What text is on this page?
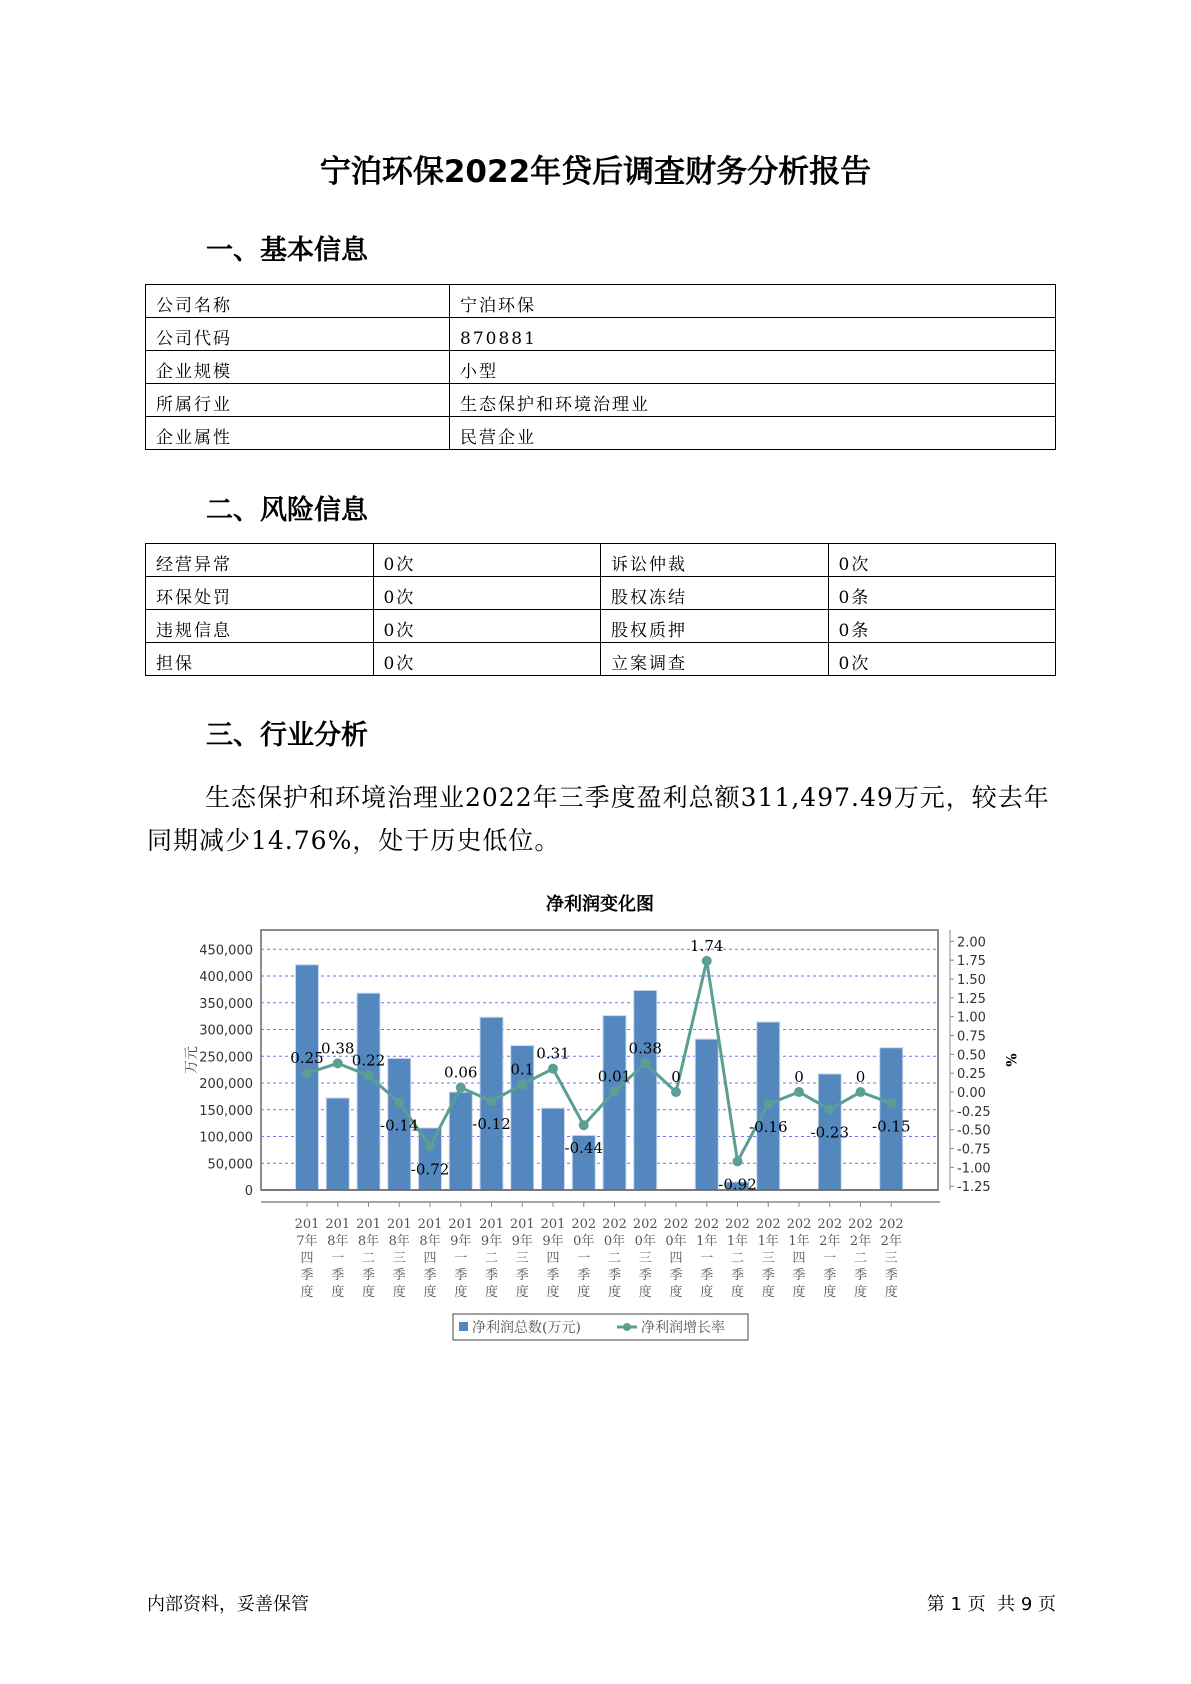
宁泊环保2022年贷后调查财务分析报告
一、基本信息
公司名称	宁泊环保
公司代码	870881
企业规模	小型
所属行业	生态保护和环境治理业
企业属性	民营企业
二、风险信息
经营异常	0次	诉讼仲裁	0次
环保处罚	0次	股权冻结	0条
违规信息	0次	股权质押	0条
担保	0次	立案调查	0次
三、行业分析
生态保护和环境治理业2022年三季度盈利总额311,497.49万元，较去年同期减少14.76%，处于历史低位。
净利润变化图
0
50,000
100,000
150,000
200,000
250,000
300,000
350,000
400,000
450,000
-1.25
-1.00
-0.75
-0.50
-0.25
0.00
0.25
0.50
0.75
1.00
1.25
1.50
1.75
2.00
万元	%
0.25
0.38
0.22
-0.14
-0.72
0.06
-0.12
0.1
0.31
-0.44
0.01
0.38
0
1.74
-0.92
-0.16
0
-0.23
0
-0.15
201
7年
四
季
度
201
8年
一
季
度
201
8年
二
季
度
201
8年
三
季
度
201
8年
四
季
度
201
9年
一
季
度
201
9年
二
季
度
201
9年
三
季
度
201
9年
四
季
度
202
0年
一
季
度
202
0年
二
季
度
202
0年
三
季
度
202
0年
四
季
度
202
1年
一
季
度
202
1年
二
季
度
202
1年
三
季
度
202
1年
四
季
度
202
2年
一
季
度
202
2年
二
季
度
202
2年
三
季
度
净利润总数(万元)	净利润增长率
内部资料，妥善保管	第 1 页  共 9 页
